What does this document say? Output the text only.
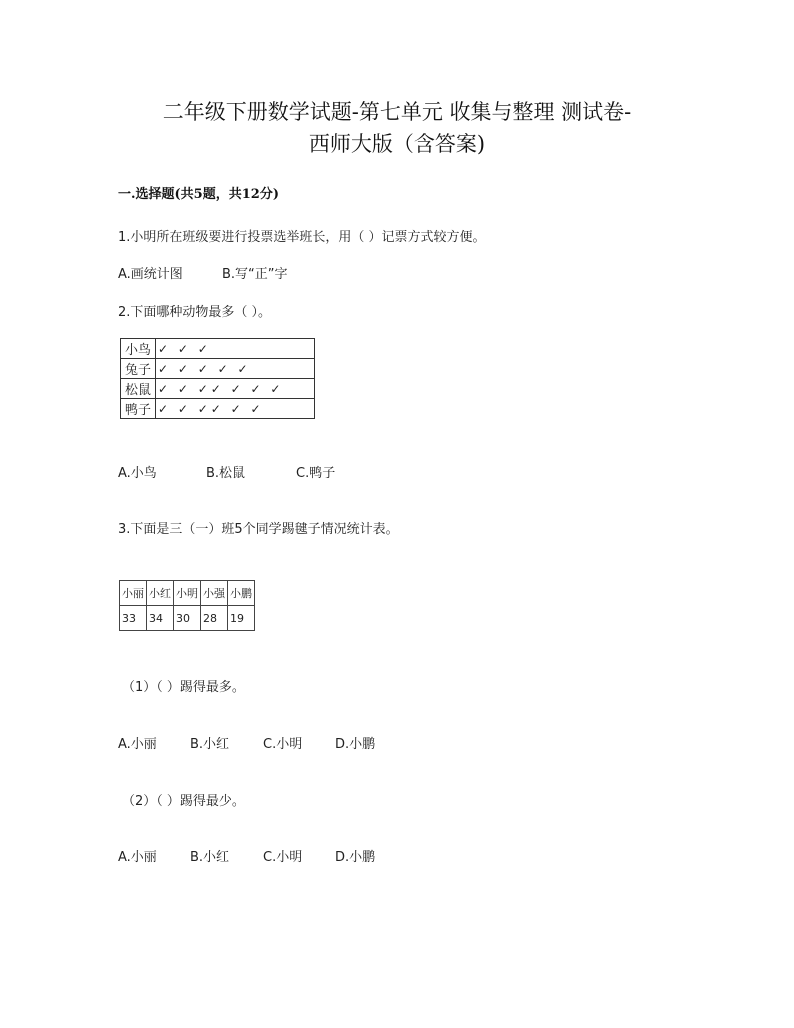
二年级下册数学试题-第七单元 收集与整理 测试卷-
西师大版（含答案)
一.选择题(共5题，共12分)
1.小明所在班级要进行投票选举班长，用（ ）记票方式较方便。
A.画统计图	B.写“正”字
2.下面哪种动物最多（ ）。
小鸟	✓ ✓ ✓
兔子	✓ ✓ ✓ ✓ ✓
松鼠	✓ ✓ ✓✓ ✓ ✓ ✓
鸭子	✓ ✓ ✓✓ ✓ ✓
A.小鸟	B.松鼠	C.鸭子
3.下面是三（一）班5个同学踢毽子情况统计表。
小丽	小红	小明	小强	小鹏
33	34	30	28	19
（1）（ ）踢得最多。
A.小丽	B.小红	C.小明	D.小鹏
（2）（ ）踢得最少。
A.小丽	B.小红	C.小明	D.小鹏
